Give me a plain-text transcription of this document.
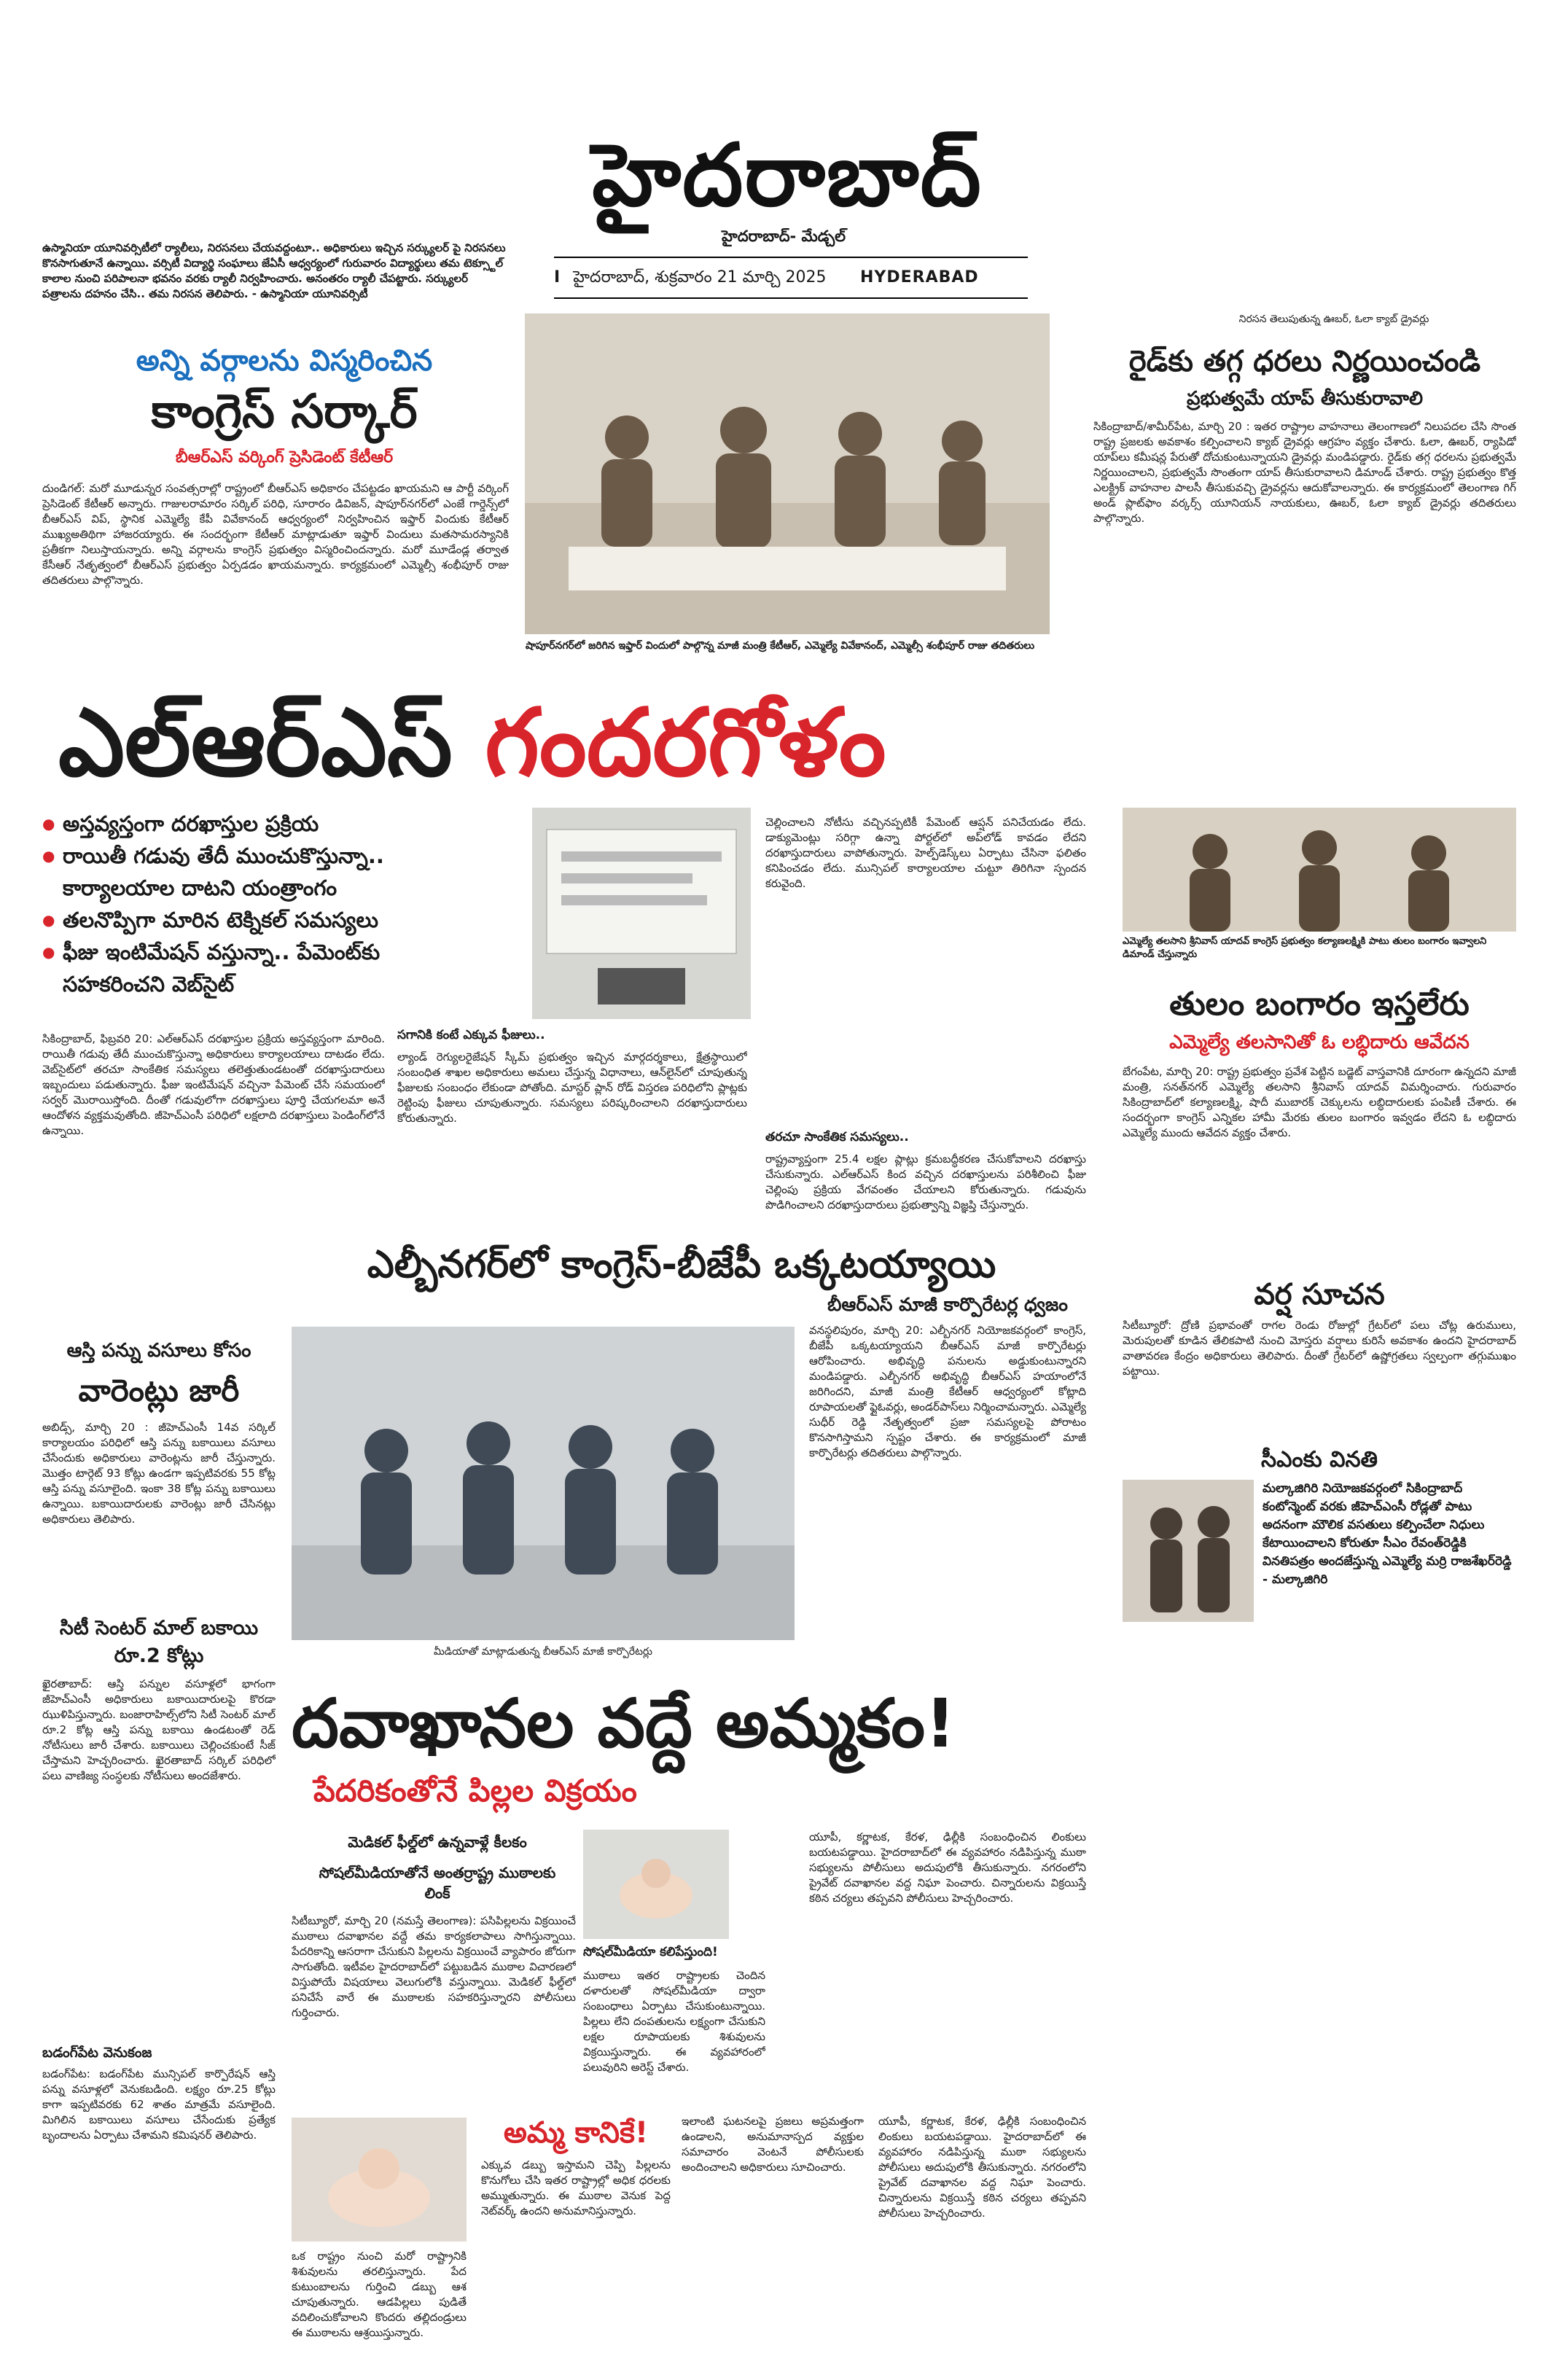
హైదరాబాద్
హైదరాబాద్- మేడ్చల్
I హైదరాబాద్, శుక్రవారం 21 మార్చి 2025 HYDERABAD
ఉస్మానియా యూనివర్సిటీలో ర్యాలీలు, నిరసనలు చేయవద్దంటూ.. అధికారులు ఇచ్చిన సర్క్యులర్ పై నిరసనలు కొనసాగుతూనే ఉన్నాయి. వర్సిటీ విద్యార్థి సంఘాలు జేఏసీ ఆధ్వర్యంలో గురువారం విద్యార్థులు తమ టెక్స్టూల్ కాలాల నుంచి పరిపాలనా భవనం వరకు ర్యాలీ నిర్వహించారు. అనంతరం ర్యాలీ చేపట్టారు. సర్క్యులర్ పత్రాలను దహనం చేసి.. తమ నిరసన తెలిపారు. - ఉస్మానియా యూనివర్సిటీ
అన్ని వర్గాలను విస్మరించిన
కాంగ్రెస్ సర్కార్
బీఆర్ఎస్ వర్కింగ్ ప్రెసిడెంట్ కేటీఆర్
దుండిగల్: మరో మూడున్నర సంవత్సరాల్లో రాష్ట్రంలో బీఆర్ఎస్ అధికారం చేపట్టడం ఖాయమని ఆ పార్టీ వర్కింగ్ ప్రెసిడెంట్ కేటీఆర్ అన్నారు. గాజులరామారం సర్కిల్ పరిధి, సూరారం డివిజన్, షాపూర్‌నగర్‌లో ఎంజే గార్డెన్స్‌లో బీఆర్ఎస్ విప్, స్థానిక ఎమ్మెల్యే కేపీ వివేకానంద్ ఆధ్వర్యంలో నిర్వహించిన ఇఫ్తార్ విందుకు కేటీఆర్ ముఖ్యఅతిథిగా హాజరయ్యారు. ఈ సందర్భంగా కేటీఆర్ మాట్లాడుతూ ఇఫ్తార్ విందులు మతసామరస్యానికి ప్రతీకగా నిలుస్తాయన్నారు. అన్ని వర్గాలను కాంగ్రెస్ ప్రభుత్వం విస్మరించిందన్నారు. మరో మూడేండ్ల తర్వాత కేసీఆర్ నేతృత్వంలో బీఆర్ఎస్ ప్రభుత్వం ఏర్పడడం ఖాయమన్నారు. కార్యక్రమంలో ఎమ్మెల్సీ శంభీపూర్ రాజు తదితరులు పాల్గొన్నారు.
షాపూర్‌నగర్‌లో జరిగిన ఇఫ్తార్ విందులో పాల్గొన్న మాజీ మంత్రి కేటీఆర్, ఎమ్మెల్యే వివేకానంద్, ఎమ్మెల్సీ శంభీపూర్ రాజు తదితరులు
నిరసన తెలుపుతున్న ఊబర్, ఓలా క్యాబ్ డ్రైవర్లు
రైడ్‌కు తగ్గ ధరలు నిర్ణయించండి
ప్రభుత్వమే యాప్ తీసుకురావాలి
సికింద్రాబాద్/శామీర్‌పేట, మార్చి 20 : ఇతర రాష్ట్రాల వాహనాలు తెలంగాణలో నిలుపదల చేసి సొంత రాష్ట్ర ప్రజలకు అవకాశం కల్పించాలని క్యాబ్ డ్రైవర్లు ఆగ్రహం వ్యక్తం చేశారు. ఓలా, ఊబర్, ర్యాపిడో యాప్‌లు కమీషన్ల పేరుతో దోచుకుంటున్నాయని డ్రైవర్లు మండిపడ్డారు. రైడ్‌కు తగ్గ ధరలను ప్రభుత్వమే నిర్ణయించాలని, ప్రభుత్వమే సొంతంగా యాప్ తీసుకురావాలని డిమాండ్ చేశారు. రాష్ట్ర ప్రభుత్వం కొత్త ఎలక్ట్రిక్ వాహనాల పాలసీ తీసుకువచ్చి డ్రైవర్లను ఆదుకోవాలన్నారు. ఈ కార్యక్రమంలో తెలంగాణ గిగ్ అండ్ ప్లాట్‌ఫాం వర్కర్స్ యూనియన్ నాయకులు, ఊబర్, ఓలా క్యాబ్ డ్రైవర్లు తదితరులు పాల్గొన్నారు.
ఎల్‌ఆర్‌ఎస్ గందరగోళం
● అస్తవ్యస్తంగా దరఖాస్తుల ప్రక్రియ
● రాయితీ గడువు తేదీ ముంచుకొస్తున్నా..
కార్యాలయాల దాటని యంత్రాంగం
● తలనొప్పిగా మారిన టెక్నికల్ సమస్యలు
● ఫీజు ఇంటిమేషన్ వస్తున్నా.. పేమెంట్‌కు
సహకరించని వెబ్‌సైట్
సికింద్రాబాద్, ఫిబ్రవరి 20: ఎల్‌ఆర్‌ఎస్ దరఖాస్తుల ప్రక్రియ అస్తవ్యస్తంగా మారింది. రాయితీ గడువు తేదీ ముంచుకొస్తున్నా అధికారులు కార్యాలయాలు దాటడం లేదు. వెబ్‌సైట్‌లో తరచూ సాంకేతిక సమస్యలు తలెత్తుతుండటంతో దరఖాస్తుదారులు ఇబ్బందులు పడుతున్నారు. ఫీజు ఇంటిమేషన్ వచ్చినా పేమెంట్ చేసే సమయంలో సర్వర్ మొరాయిస్తోంది. దీంతో గడువులోగా దరఖాస్తులు పూర్తి చేయగలమా అనే ఆందోళన వ్యక్తమవుతోంది. జీహెచ్‌ఎంసీ పరిధిలో లక్షలాది దరఖాస్తులు పెండింగ్‌లోనే ఉన్నాయి.
సగానికి కంటే ఎక్కువ ఫీజులు..
ల్యాండ్ రెగ్యులరైజేషన్ స్కీమ్ ప్రభుత్వం ఇచ్చిన మార్గదర్శకాలు, క్షేత్రస్థాయిలో సంబంధిత శాఖల అధికారులు అమలు చేస్తున్న విధానాలు, ఆన్‌లైన్‌లో చూపుతున్న ఫీజులకు సంబంధం లేకుండా పోతోంది. మాస్టర్ ప్లాన్ రోడ్ విస్తరణ పరిధిలోని ప్లాట్లకు రెట్టింపు ఫీజులు చూపుతున్నారు. సమస్యలు పరిష్కరించాలని దరఖాస్తుదారులు కోరుతున్నారు.
చెల్లించాలని నోటీసు వచ్చినప్పటికీ పేమెంట్ ఆప్షన్ పనిచేయడం లేదు. డాక్యుమెంట్లు సరిగ్గా ఉన్నా పోర్టల్‌లో అప్‌లోడ్ కావడం లేదని దరఖాస్తుదారులు వాపోతున్నారు. హెల్ప్‌డెస్క్‌లు ఏర్పాటు చేసినా ఫలితం కనిపించడం లేదు. మున్సిపల్ కార్యాలయాల చుట్టూ తిరిగినా స్పందన కరువైంది.
తరచూ సాంకేతిక సమస్యలు..
రాష్ట్రవ్యాప్తంగా 25.4 లక్షల ప్లాట్లు క్రమబద్ధీకరణ చేసుకోవాలని దరఖాస్తు చేసుకున్నారు. ఎల్‌ఆర్‌ఎస్ కింద వచ్చిన దరఖాస్తులను పరిశీలించి ఫీజు చెల్లింపు ప్రక్రియ వేగవంతం చేయాలని కోరుతున్నారు. గడువును పొడిగించాలని దరఖాస్తుదారులు ప్రభుత్వాన్ని విజ్ఞప్తి చేస్తున్నారు.
ఎమ్మెల్యే తలసాని శ్రీనివాస్ యాదవ్ కాంగ్రెస్ ప్రభుత్వం కల్యాణలక్ష్మికి పాటు తులం బంగారం ఇవ్వాలని డిమాండ్ చేస్తున్నారు
తులం బంగారం ఇస్తలేరు
ఎమ్మెల్యే తలసానితో ఓ లబ్ధిదారు ఆవేదన
బేగంపేట, మార్చి 20: రాష్ట్ర ప్రభుత్వం ప్రవేశ పెట్టిన బడ్జెట్ వాస్తవానికి దూరంగా ఉన్నదని మాజీ మంత్రి, సనత్‌నగర్ ఎమ్మెల్యే తలసాని శ్రీనివాస్ యాదవ్ విమర్శించారు. గురువారం సికింద్రాబాద్‌లో కల్యాణలక్ష్మి, షాదీ ముబారక్ చెక్కులను లబ్ధిదారులకు పంపిణీ చేశారు. ఈ సందర్భంగా కాంగ్రెస్ ఎన్నికల హామీ మేరకు తులం బంగారం ఇవ్వడం లేదని ఓ లబ్ధిదారు ఎమ్మెల్యే ముందు ఆవేదన వ్యక్తం చేశారు.
ఎల్బీనగర్‌లో కాంగ్రెస్-బీజేపీ ఒక్కటయ్యాయి
బీఆర్ఎస్ మాజీ కార్పొరేటర్ల ధ్వజం
మీడియాతో మాట్లాడుతున్న బీఆర్ఎస్ మాజీ కార్పొరేటర్లు
వనస్థలిపురం, మార్చి 20: ఎల్బీనగర్ నియోజకవర్గంలో కాంగ్రెస్, బీజేపీ ఒక్కటయ్యాయని బీఆర్ఎస్ మాజీ కార్పొరేటర్లు ఆరోపించారు. అభివృద్ధి పనులను అడ్డుకుంటున్నారని మండిపడ్డారు. ఎల్బీనగర్ అభివృద్ధి బీఆర్ఎస్ హయాంలోనే జరిగిందని, మాజీ మంత్రి కేటీఆర్ ఆధ్వర్యంలో కోట్లాది రూపాయలతో ఫ్లైఓవర్లు, అండర్‌పాస్‌లు నిర్మించామన్నారు. ఎమ్మెల్యే సుధీర్ రెడ్డి నేతృత్వంలో ప్రజా సమస్యలపై పోరాటం కొనసాగిస్తామని స్పష్టం చేశారు. ఈ కార్యక్రమంలో మాజీ కార్పొరేటర్లు తదితరులు పాల్గొన్నారు.
ఆస్తి పన్ను వసూలు కోసం
వారెంట్లు జారీ
అబిడ్స్, మార్చి 20 : జీహెచ్‌ఎంసీ 14వ సర్కిల్ కార్యాలయం పరిధిలో ఆస్తి పన్ను బకాయిలు వసూలు చేసేందుకు అధికారులు వారెంట్లను జారీ చేస్తున్నారు. మొత్తం టార్గెట్ 93 కోట్లు ఉండగా ఇప్పటివరకు 55 కోట్ల ఆస్తి పన్ను వసూలైంది. ఇంకా 38 కోట్ల పన్ను బకాయిలు ఉన్నాయి. బకాయిదారులకు వారెంట్లు జారీ చేసినట్లు అధికారులు తెలిపారు.
సిటీ సెంటర్ మాల్ బకాయి రూ.2 కోట్లు
ఖైరతాబాద్: ఆస్తి పన్నుల వసూళ్లలో భాగంగా జీహెచ్‌ఎంసీ అధికారులు బకాయిదారులపై కొరడా ఝుళిపిస్తున్నారు. బంజారాహిల్స్‌లోని సిటీ సెంటర్ మాల్ రూ.2 కోట్ల ఆస్తి పన్ను బకాయి ఉండటంతో రెడ్ నోటీసులు జారీ చేశారు. బకాయిలు చెల్లించకుంటే సీజ్ చేస్తామని హెచ్చరించారు. ఖైరతాబాద్ సర్కిల్ పరిధిలో పలు వాణిజ్య సంస్థలకు నోటీసులు అందజేశారు.
బడంగ్‌పేట వెనుకంజ
బడంగ్‌పేట: బడంగ్‌పేట మున్సిపల్ కార్పొరేషన్ ఆస్తి పన్ను వసూళ్లలో వెనుకబడింది. లక్ష్యం రూ.25 కోట్లు కాగా ఇప్పటివరకు 62 శాతం మాత్రమే వసూలైంది. మిగిలిన బకాయిలు వసూలు చేసేందుకు ప్రత్యేక బృందాలను ఏర్పాటు చేశామని కమిషనర్ తెలిపారు.
వర్ష సూచన
సిటీబ్యూరో: ద్రోణి ప్రభావంతో రాగల రెండు రోజుల్లో గ్రేటర్‌లో పలు చోట్ల ఉరుములు, మెరుపులతో కూడిన తేలికపాటి నుంచి మోస్తరు వర్షాలు కురిసే అవకాశం ఉందని హైదరాబాద్ వాతావరణ కేంద్రం అధికారులు తెలిపారు. దీంతో గ్రేటర్‌లో ఉష్ణోగ్రతలు స్వల్పంగా తగ్గుముఖం పట్టాయి.
సీఎంకు వినతి
మల్కాజిగిరి నియోజకవర్గంలో సికింద్రాబాద్ కంటోన్మెంట్ వరకు జీహెచ్‌ఎంసీ రోడ్లతో పాటు అదనంగా మౌలిక వసతులు కల్పించేలా నిధులు కేటాయించాలని కోరుతూ సీఎం రేవంత్‌రెడ్డికి వినతిపత్రం అందజేస్తున్న ఎమ్మెల్యే మర్రి రాజశేఖర్‌రెడ్డి - మల్కాజిగిరి
దవాఖానల వద్దే అమ్మకం!
పేదరికంతోనే పిల్లల విక్రయం
మెడికల్ ఫీల్డ్‌లో ఉన్నవాళ్లే కీలకం
సోషల్‌మీడియాతోనే అంతర్రాష్ట్ర ముఠాలకు లింక్
సిటీబ్యూరో, మార్చి 20 (నమస్తే తెలంగాణ): పసిపిల్లలను విక్రయించే ముఠాలు దవాఖానల వద్దే తమ కార్యకలాపాలు సాగిస్తున్నాయి. పేదరికాన్ని ఆసరాగా చేసుకుని పిల్లలను విక్రయించే వ్యాపారం జోరుగా సాగుతోంది. ఇటీవల హైదరాబాద్‌లో పట్టుబడిన ముఠాల విచారణలో విస్తుపోయే విషయాలు వెలుగులోకి వస్తున్నాయి. మెడికల్ ఫీల్డ్‌లో పనిచేసే వారే ఈ ముఠాలకు సహకరిస్తున్నారని పోలీసులు గుర్తించారు.
సోషల్‌మీడియా కలిపేస్తుంది!
ముఠాలు ఇతర రాష్ట్రాలకు చెందిన దళారులతో సోషల్‌మీడియా ద్వారా సంబంధాలు ఏర్పాటు చేసుకుంటున్నాయి. పిల్లలు లేని దంపతులను లక్ష్యంగా చేసుకుని లక్షల రూపాయలకు శిశువులను విక్రయిస్తున్నారు. ఈ వ్యవహారంలో పలువురిని అరెస్ట్ చేశారు.
యూపీ, కర్ణాటక, కేరళ, ఢిల్లీకి సంబంధించిన లింకులు బయటపడ్డాయి. హైదరాబాద్‌లో ఈ వ్యవహారం నడిపిస్తున్న ముఠా సభ్యులను పోలీసులు అదుపులోకి తీసుకున్నారు. నగరంలోని ప్రైవేట్ దవాఖానల వద్ద నిఘా పెంచారు. చిన్నారులను విక్రయిస్తే కఠిన చర్యలు తప్పవని పోలీసులు హెచ్చరించారు.
అమ్మ కానికే!
ఒక రాష్ట్రం నుంచి మరో రాష్ట్రానికి శిశువులను తరలిస్తున్నారు. పేద కుటుంబాలను గుర్తించి డబ్బు ఆశ చూపుతున్నారు. ఆడపిల్లలు పుడితే వదిలించుకోవాలని కొందరు తల్లిదండ్రులు ఈ ముఠాలను ఆశ్రయిస్తున్నారు.
ఎక్కువ డబ్బు ఇస్తామని చెప్పి పిల్లలను కొనుగోలు చేసి ఇతర రాష్ట్రాల్లో అధిక ధరలకు అమ్ముతున్నారు. ఈ ముఠాల వెనుక పెద్ద నెట్‌వర్క్ ఉందని అనుమానిస్తున్నారు.
ఇలాంటి ఘటనలపై ప్రజలు అప్రమత్తంగా ఉండాలని, అనుమానాస్పద వ్యక్తుల సమాచారం వెంటనే పోలీసులకు అందించాలని అధికారులు సూచించారు.
యూపీ, కర్ణాటక, కేరళ, ఢిల్లీకి సంబంధించిన లింకులు బయటపడ్డాయి. హైదరాబాద్‌లో ఈ వ్యవహారం నడిపిస్తున్న ముఠా సభ్యులను పోలీసులు అదుపులోకి తీసుకున్నారు. నగరంలోని ప్రైవేట్ దవాఖానల వద్ద నిఘా పెంచారు. చిన్నారులను విక్రయిస్తే కఠిన చర్యలు తప్పవని పోలీసులు హెచ్చరించారు.
